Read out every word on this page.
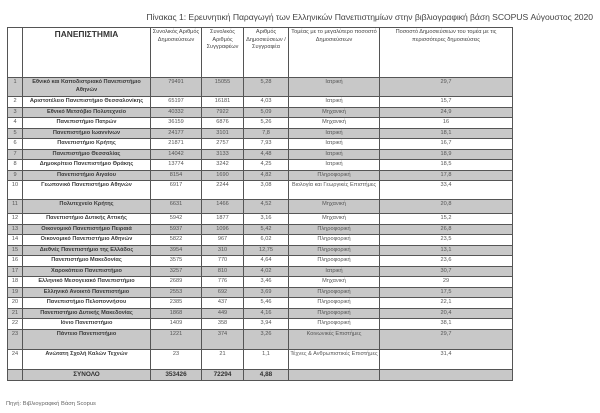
Πίνακας 1: Ερευνητική Παραγωγή των Ελληνικών Πανεπιστημίων στην βιβλιογραφική βάση SCOPUS Αύγουστος 2020
	ΠΑΝΕΠΙΣΤΗΜΙΑ	Συνολικός Αριθμός Δημοσιεύσεων	Συνολικός Αριθμός Συγγραφέων	Αριθμός Δημοσιεύσεων /Συγγραφέα	Τομέας με το μεγαλύτερο ποσοστό Δημοσιεύσεων	Ποσοστό Δημοσιεύσεων του τομέα με τις περισσότερες δημοσιεύσεις
1	Εθνικό και Καποδιστριακό Πανεπιστήμιο Αθηνών	79491	15055	5,28	Ιατρική	29,7
2	Αριστοτέλειο Πανεπιστήμιο Θεσσαλονίκης	65197	16181	4,03	Ιατρική	15,7
3	Εθνικό Μετσόβιο Πολυτεχνείο	40332	7922	5,09	Μηχανική	24,9
4	Πανεπιστήμιο Πατρών	36159	6876	5,26	Μηχανική	16
5	Πανεπιστήμιο Ιωαννίνων	24177	3101	7,8	Ιατρική	18,1
6	Πανεπιστήμιο Κρήτης	21871	2757	7,93	Ιατρική	16,7
7	Πανεπιστήμιο Θεσσαλίας	14042	3133	4,48	Ιατρική	18,9
8	Δημοκρίτειο Πανεπιστήμιο Θράκης	13774	3242	4,25	Ιατρική	18,5
9	Πανεπιστήμιο Αιγαίου	8154	1690	4,82	Πληροφορική	17,8
10	Γεωπονικό Πανεπιστήμιο Αθηνών	6917	2244	3,08	Βιολογία και Γεωργικές Επιστήμες	33,4
11	Πολυτεχνείο Κρήτης	6631	1466	4,52	Μηχανική	20,8
12	Πανεπιστήμιο Δυτικής Αττικής	5942	1877	3,16	Μηχανική	15,2
13	Οικονομικό Πανεπιστήμιο Πειραιά	5937	1096	5,42	Πληροφορική	26,8
14	Οικονομικό Πανεπιστήμιο Αθηνών	5822	967	6,02	Πληροφορική	23,5
15	Διεθνές Πανεπιστήμιο της Ελλάδος	3954	310	12,75	Πληροφορική	13,1
16	Πανεπιστήμιο Μακεδονίας	3575	770	4,64	Πληροφορική	23,6
17	Χαροκόπειο Πανεπιστήμιο	3257	810	4,02	Ιατρική	30,7
18	Ελληνικό Μεσογειακό Πανεπιστήμιο	2689	776	3,46	Μηχανική	29
19	Ελληνικό Ανοικτό Πανεπιστήμιο	2553	692	3,69	Πληροφορική	17,5
20	Πανεπιστήμιο Πελοποννήσου	2385	437	5,46	Πληροφορική	22,1
21	Πανεπιστήμιο Δυτικής Μακεδονίας	1868	449	4,16	Πληροφορική	20,4
22	Ιόνιο Πανεπιστήμιο	1409	358	3,94	Πληροφορική	38,1
23	Πάντειο Πανεπιστήμιο	1221	374	3,26	Κοινωνικές Επιστήμες	29,7
24	Ανώτατη Σχολή Καλών Τεχνών	23	21	1,1	Τέχνες & Ανθρωπιστικές Επιστήμες	31,4
	ΣΥΝΟΛΟ	353426	72294	4,88		
Πηγή: Βιβλιογραφική Βάση Scopus
